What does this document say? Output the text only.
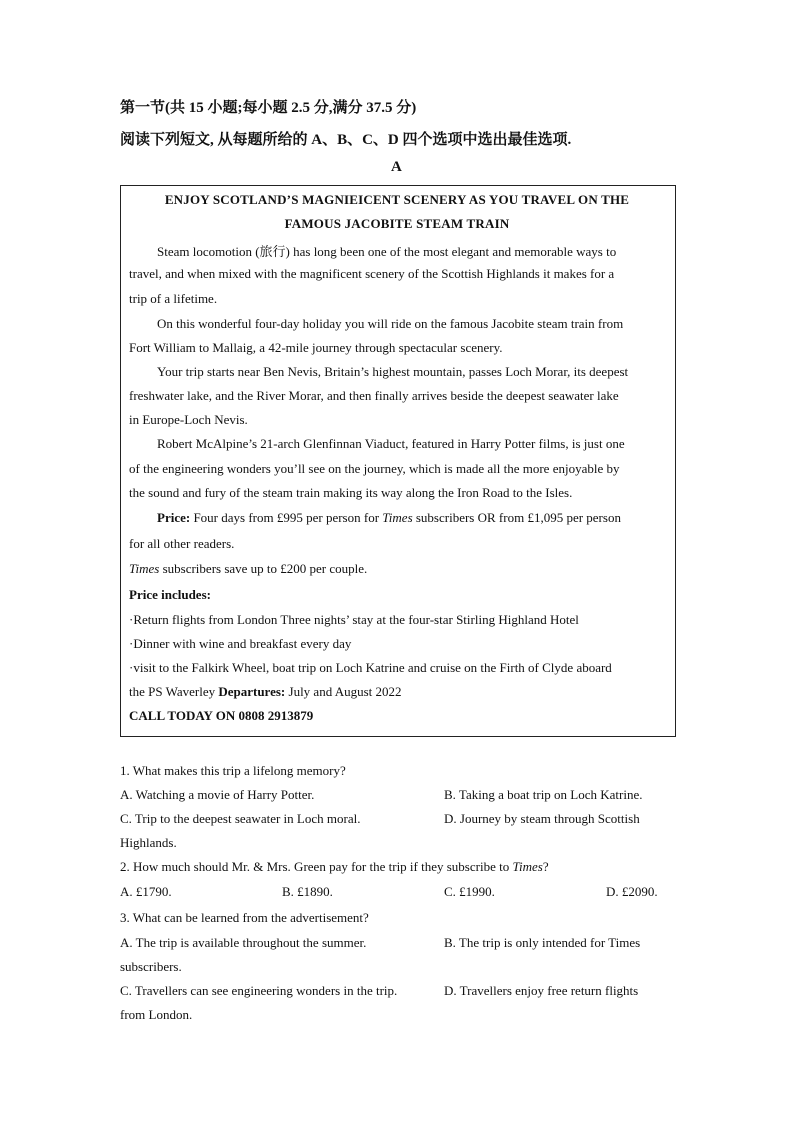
第一节(共 15 小题;每小题 2.5 分,满分 37.5 分)
阅读下列短文, 从每题所给的 A、B、C、D 四个选项中选出最佳选项.
A
ENJOY SCOTLAND’S MAGNIEICENT SCENERY AS YOU TRAVEL ON THE
FAMOUS JACOBITE STEAM TRAIN
Steam locomotion (旅行) has long been one of the most elegant and memorable ways to
travel, and when mixed with the magnificent scenery of the Scottish Highlands it makes for a
trip of a lifetime.
On this wonderful four-day holiday you will ride on the famous Jacobite steam train from
Fort William to Mallaig, a 42-mile journey through spectacular scenery.
Your trip starts near Ben Nevis, Britain’s highest mountain, passes Loch Morar, its deepest
freshwater lake, and the River Morar, and then finally arrives beside the deepest seawater lake
in Europe-Loch Nevis.
Robert McAlpine’s 21-arch Glenfinnan Viaduct, featured in Harry Potter films, is just one
of the engineering wonders you’ll see on the journey, which is made all the more enjoyable by
the sound and fury of the steam train making its way along the Iron Road to the Isles.
Price: Four days from £995 per person for Times subscribers OR from £1,095 per person
for all other readers.
Times subscribers save up to £200 per couple.
Price includes:
·Return flights from London Three nights’ stay at the four-star Stirling Highland Hotel
·Dinner with wine and breakfast every day
·visit to the Falkirk Wheel, boat trip on Loch Katrine and cruise on the Firth of Clyde aboard
the PS Waverley Departures: July and August 2022
CALL TODAY ON 0808 2913879
1. What makes this trip a lifelong memory?
A. Watching a movie of Harry Potter.	B. Taking a boat trip on Loch Katrine.
C. Trip to the deepest seawater in Loch moral.	D. Journey by steam through Scottish
Highlands.
2. How much should Mr. & Mrs. Green pay for the trip if they subscribe to Times?
A. £1790.	B. £1890.	C. £1990.	D. £2090.
3. What can be learned from the advertisement?
A. The trip is available throughout the summer.	B. The trip is only intended for Times
subscribers.
C. Travellers can see engineering wonders in the trip.	D. Travellers enjoy free return flights
from London.
